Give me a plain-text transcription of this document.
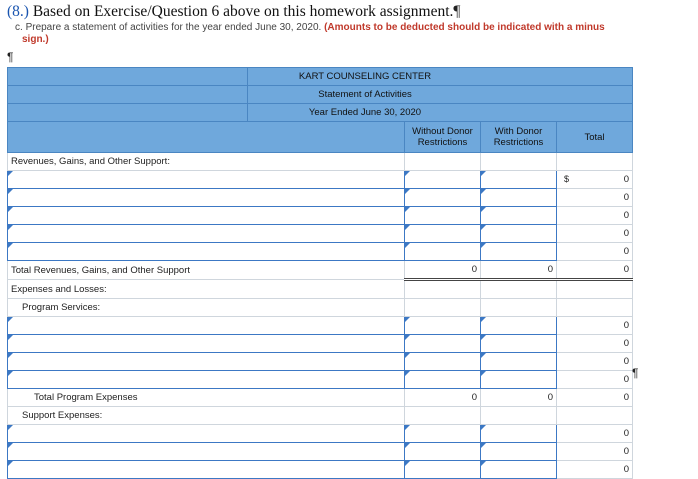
(8.) Based on Exercise/Question 6 above on this homework assignment.¶
c. Prepare a statement of activities for the year ended June 30, 2020. (Amounts to be deducted should be indicated with a minus
sign.)
¶
	KART COUNSELING CENTER			
	Statement of Activities			
	Year Ended June 30, 2020			
		Without Donor
Restrictions	With Donor
Restrictions	Total
Revenues, Gains, and Other Support:				

				$ 0
				0
				0
				0
				0
Total Revenues, Gains, and Other Support		0	0	0
Expenses and Losses:				
Program Services:				
				0
				0
				0
				0
Total Program Expenses		0	0	0
Support Expenses:				
				0
				0
				0
¶
